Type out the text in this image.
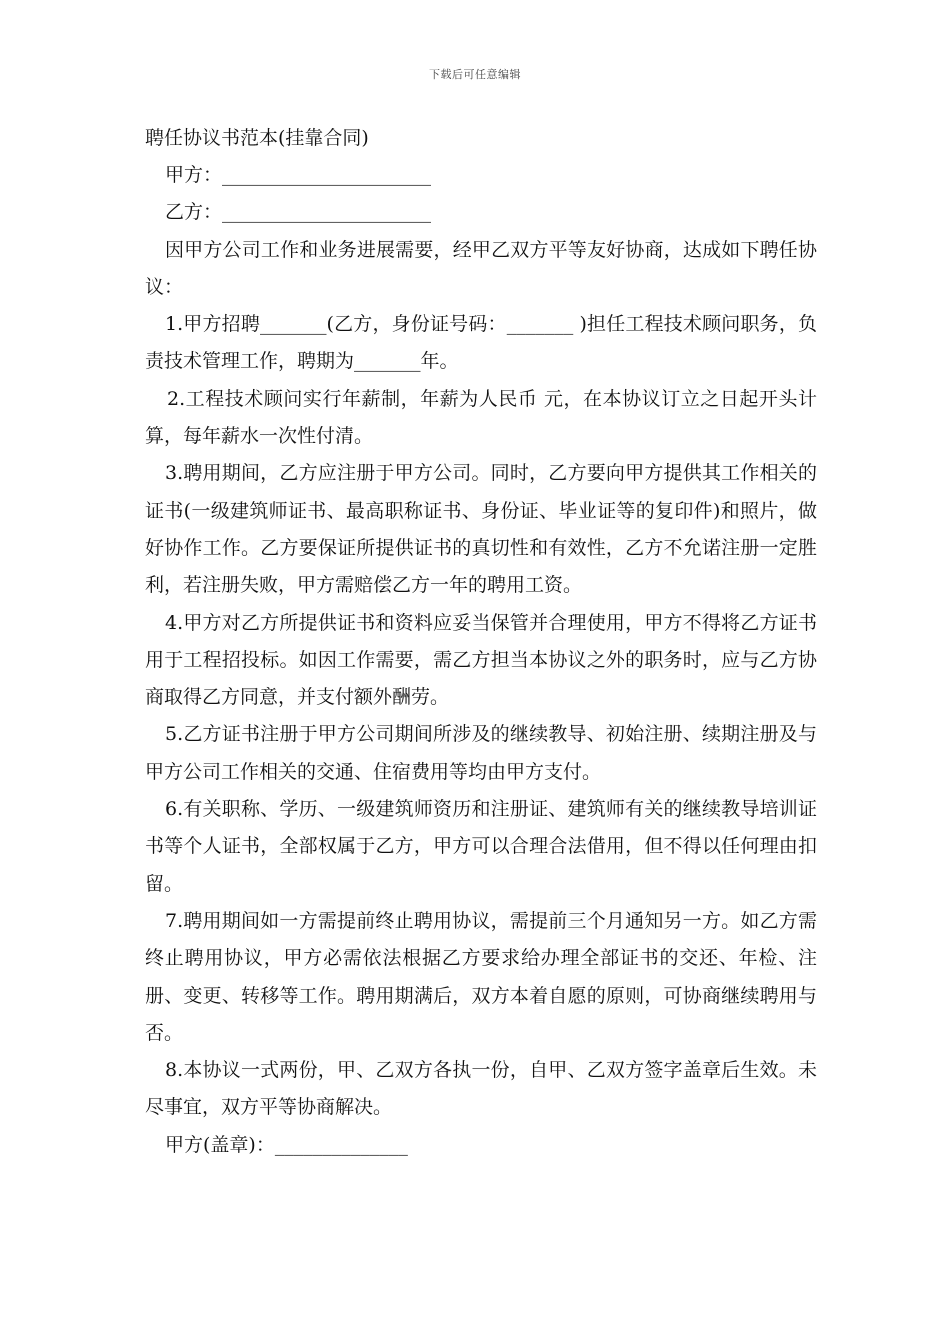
下载后可任意编辑

聘任协议书范本(挂靠合同)

甲方：______________________

乙方：______________________

因甲方公司工作和业务进展需要，经甲乙双方平等友好协商，达成如下聘任协议：

1.甲方招聘_______(乙方，身份证号码：_______ )担任工程技术顾问职务，负责技术管理工作，聘期为_______年。

2.工程技术顾问实行年薪制，年薪为人民币 元，在本协议订立之日起开头计算，每年薪水一次性付清。

3.聘用期间，乙方应注册于甲方公司。同时，乙方要向甲方提供其工作相关的证书(一级建筑师证书、最高职称证书、身份证、毕业证等的复印件)和照片，做好协作工作。乙方要保证所提供证书的真切性和有效性，乙方不允诺注册一定胜利，若注册失败，甲方需赔偿乙方一年的聘用工资。

4.甲方对乙方所提供证书和资料应妥当保管并合理使用，甲方不得将乙方证书用于工程招投标。如因工作需要，需乙方担当本协议之外的职务时，应与乙方协商取得乙方同意，并支付额外酬劳。

5.乙方证书注册于甲方公司期间所涉及的继续教导、初始注册、续期注册及与甲方公司工作相关的交通、住宿费用等均由甲方支付。

6.有关职称、学历、一级建筑师资历和注册证、建筑师有关的继续教导培训证书等个人证书，全部权属于乙方，甲方可以合理合法借用，但不得以任何理由扣留。

7.聘用期间如一方需提前终止聘用协议，需提前三个月通知另一方。如乙方需终止聘用协议，甲方必需依法根据乙方要求给办理全部证书的交还、年检、注册、变更、转移等工作。聘用期满后，双方本着自愿的原则，可协商继续聘用与否。

8.本协议一式两份，甲、乙双方各执一份，自甲、乙双方签字盖章后生效。未尽事宜，双方平等协商解决。

甲方(盖章)：______________
